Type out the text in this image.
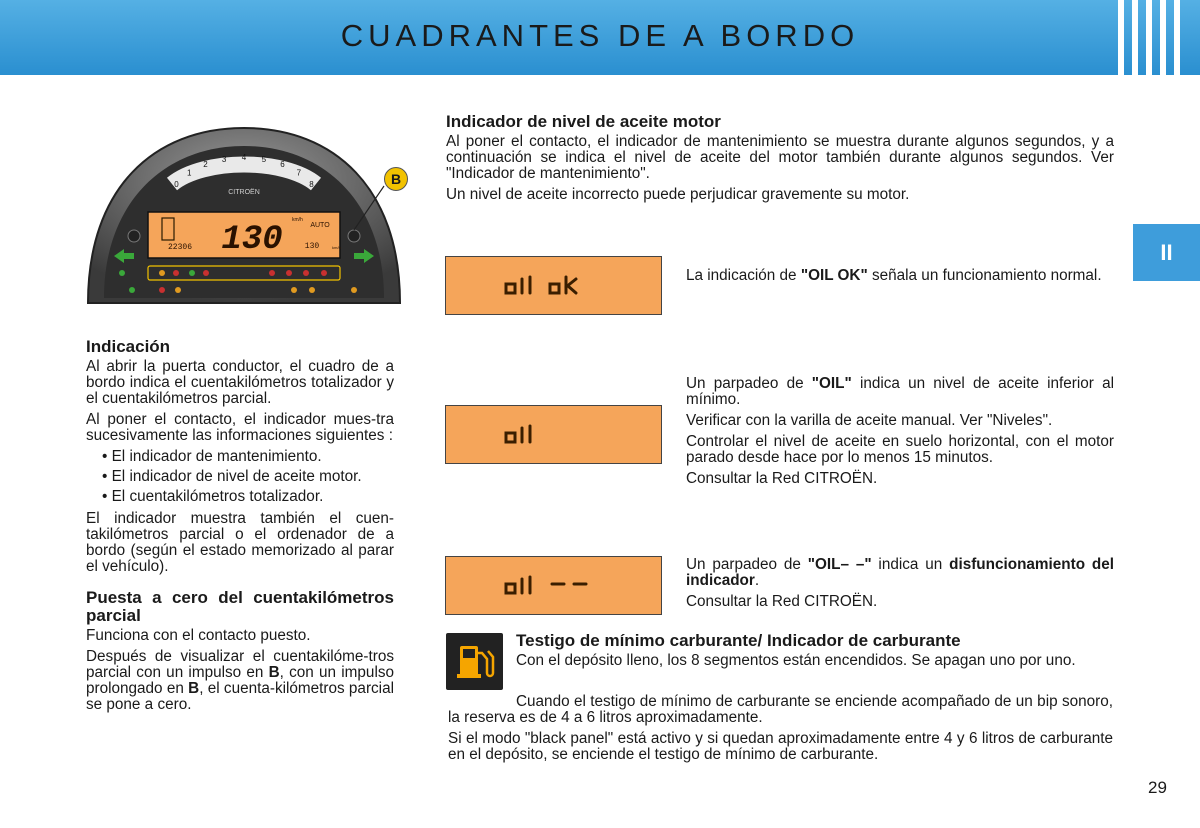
CUADRANTES DE A BORDO
II
CITROËN
130
km/h
AUTO
22306	130	km/h
0
1
2
3 4 5
6
7
8	B
Indicación

Al abrir la puerta conductor, el cuadro de a bordo indica el cuentakilómetros totalizador y el cuentakilómetros parcial.

Al poner el contacto, el indicador mues-tra sucesivamente las informaciones siguientes :

• El indicador de mantenimiento.
• El indicador de nivel de aceite motor.
• El cuentakilómetros totalizador.

El indicador muestra también el cuen-takilómetros parcial o el ordenador de a bordo (según el estado memorizado al parar el vehículo).

Puesta a cero del cuentakilómetros parcial

Funciona con el contacto puesto.

Después de visualizar el cuentakilóme-tros parcial con un impulso en B, con un impulso prolongado en B, el cuenta-kilómetros parcial se pone a cero.

Indicador de nivel de aceite motor

Al poner el contacto, el indicador de mantenimiento se muestra durante algunos segundos, y a continuación se indica el nivel de aceite del motor también durante algunos segundos. Ver "Indicador de mantenimiento".

Un nivel de aceite incorrecto puede perjudicar gravemente su motor.

La indicación de "OIL OK" señala un funcionamiento normal.

Un parpadeo de "OIL" indica un nivel de aceite inferior al mínimo.

Verificar con la varilla de aceite manual. Ver "Niveles".

Controlar el nivel de aceite en suelo horizontal, con el motor parado desde hace por lo menos 15 minutos.

Consultar la Red CITROËN.

Un parpadeo de "OIL– –" indica un disfuncionamiento del indicador.

Consultar la Red CITROËN.

Testigo de mínimo carburante/ Indicador de carburante

Con el depósito lleno, los 8 segmentos están encendidos. Se apagan uno por uno.

Cuando el testigo de mínimo de carburante se enciende acompañado de un bip sonoro, la reserva es de 4 a 6 litros aproximadamente.

Si el modo "black panel" está activo y si quedan aproximadamente entre 4 y 6 litros de carburante en el depósito, se enciende el testigo de mínimo de carburante.

29
